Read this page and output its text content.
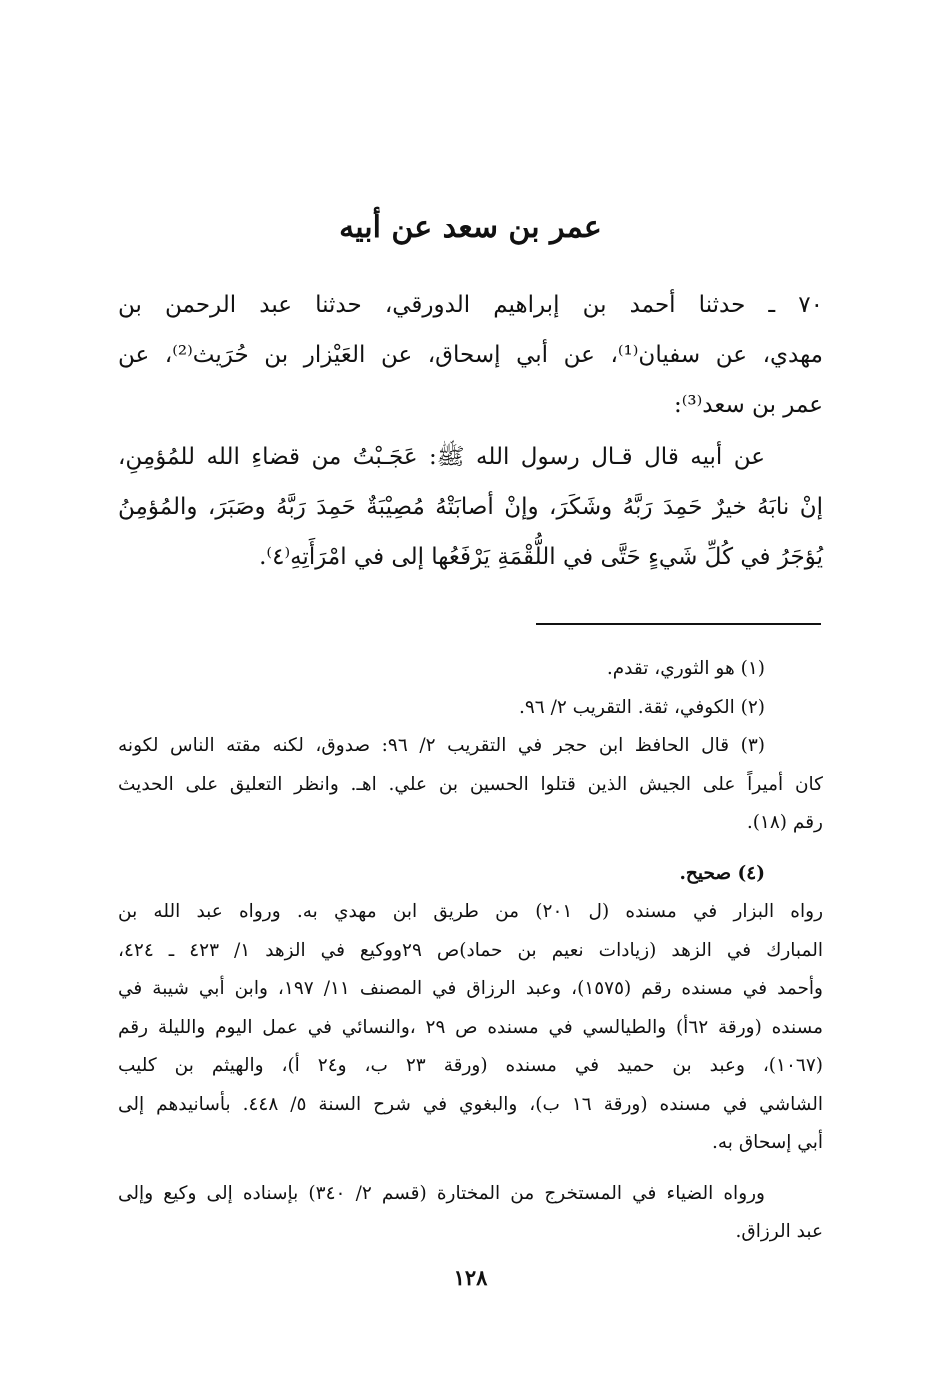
عمر بن سعد عن أبيه

٧٠ ـ حدثنا أحمد بن إبراهيم الدورقي، حدثنا عبد الرحمن بن
مهدي، عن سفيان⁽¹⁾، عن أبي إسحاق، عن العَيْزار بن حُرَيث⁽²⁾، عن
عمر بن سعد⁽³⁾:

عن أبيه قال قـال رسول الله ﷺ: عَجَـبْتُ من قضاءِ الله للمُؤمِنِ،
إنْ نابَهُ خيرٌ حَمِدَ رَبَّهُ وشَكَرَ، وإنْ أصابَتْهُ مُصِيْبَةٌ حَمِدَ رَبَّهُ وصَبَرَ، والمُؤمِنُ
يُؤجَرُ في كُلِّ شَيءٍ حَتَّى في اللُّقْمَةِ يَرْفَعُها إلى في امْرَأَتِهِ⁽٤⁾.

(١) هو الثوري، تقدم.
(٢) الكوفي، ثقة. التقريب ٢/ ٩٦.
(٣) قال الحافظ ابن حجر في التقريب ٢/ ٩٦: صدوق، لكنه مقته الناس لكونه
كان أميراً على الجيش الذين قتلوا الحسين بن علي. اهـ. وانظر التعليق على الحديث
رقم (١٨).
(٤) صحيح.
رواه البزار في مسنده (ل ٢٠١) من طريق ابن مهدي به. ورواه عبد الله بن
المبارك في الزهد (زيادات نعيم بن حماد)ص ٢٩ووكيع في الزهد ١/ ٤٢٣ ـ ٤٢٤،
وأحمد في مسنده رقم (١٥٧٥)، وعبد الرزاق في المصنف ١١/ ١٩٧، وابن أبي شيبة في
مسنده (ورقة ٦٢أ) والطيالسي في مسنده ص ٢٩ ،والنسائي في عمل اليوم والليلة رقم
(١٠٦٧)، وعبد بن حميد في مسنده (ورقة ٢٣ ب، و٢٤ أ)، والهيثم بن كليب
الشاشي في مسنده (ورقة ١٦ ب)، والبغوي في شرح السنة ٥/ ٤٤٨. بأسانيدهم إلى
أبي إسحاق به.
ورواه الضياء في المستخرج من المختارة (قسم ٢/ ٣٤٠) بإسناده إلى وكيع وإلى
عبد الرزاق.
١٢٨
